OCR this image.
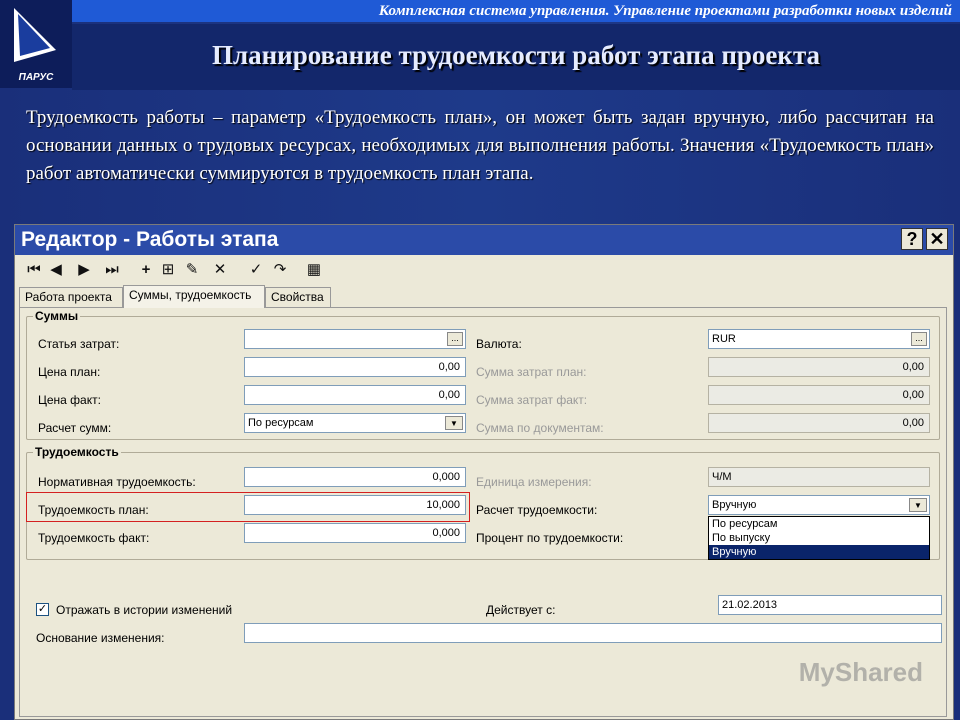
ПАРУС
Комплексная система управления. Управление проектами разработки новых изделий
Планирование трудоемкости работ этапа проекта
Трудоемкость работы – параметр «Трудоемкость план», он может быть задан вручную, либо рассчитан на основании данных о трудовых ресурсах, необходимых для выполнения работы. Значения «Трудоемкость план» работ автоматически суммируются в трудоемкость план этапа.
Редактор - Работы этапа	? ✕
⏮ ◀	▶	⏭	+ ⊞ ✎	✕	✓ ↷	▦
Работа проекта	Суммы, трудоемкость	Свойства
Суммы
Статья затрат:	...
Цена план:	0,00
Цена факт:	0,00
Расчет сумм:	По ресурсам	▼
Валюта:	RUR	...
Сумма затрат план:	0,00
Сумма затрат факт:	0,00
Сумма по документам:	0,00
Трудоемкость
Нормативная трудоемкость:	0,000
Трудоемкость план:	10,000
Трудоемкость факт:	0,000
Единица измерения:	Ч/М
Расчет трудоемкости:	Вручную	▼
Процент по трудоемкости:
По ресурсам
По выпуску
Вручную
✓ Отражать в истории изменений	Действует с:	21.02.2013
Основание изменения:
MyShared
